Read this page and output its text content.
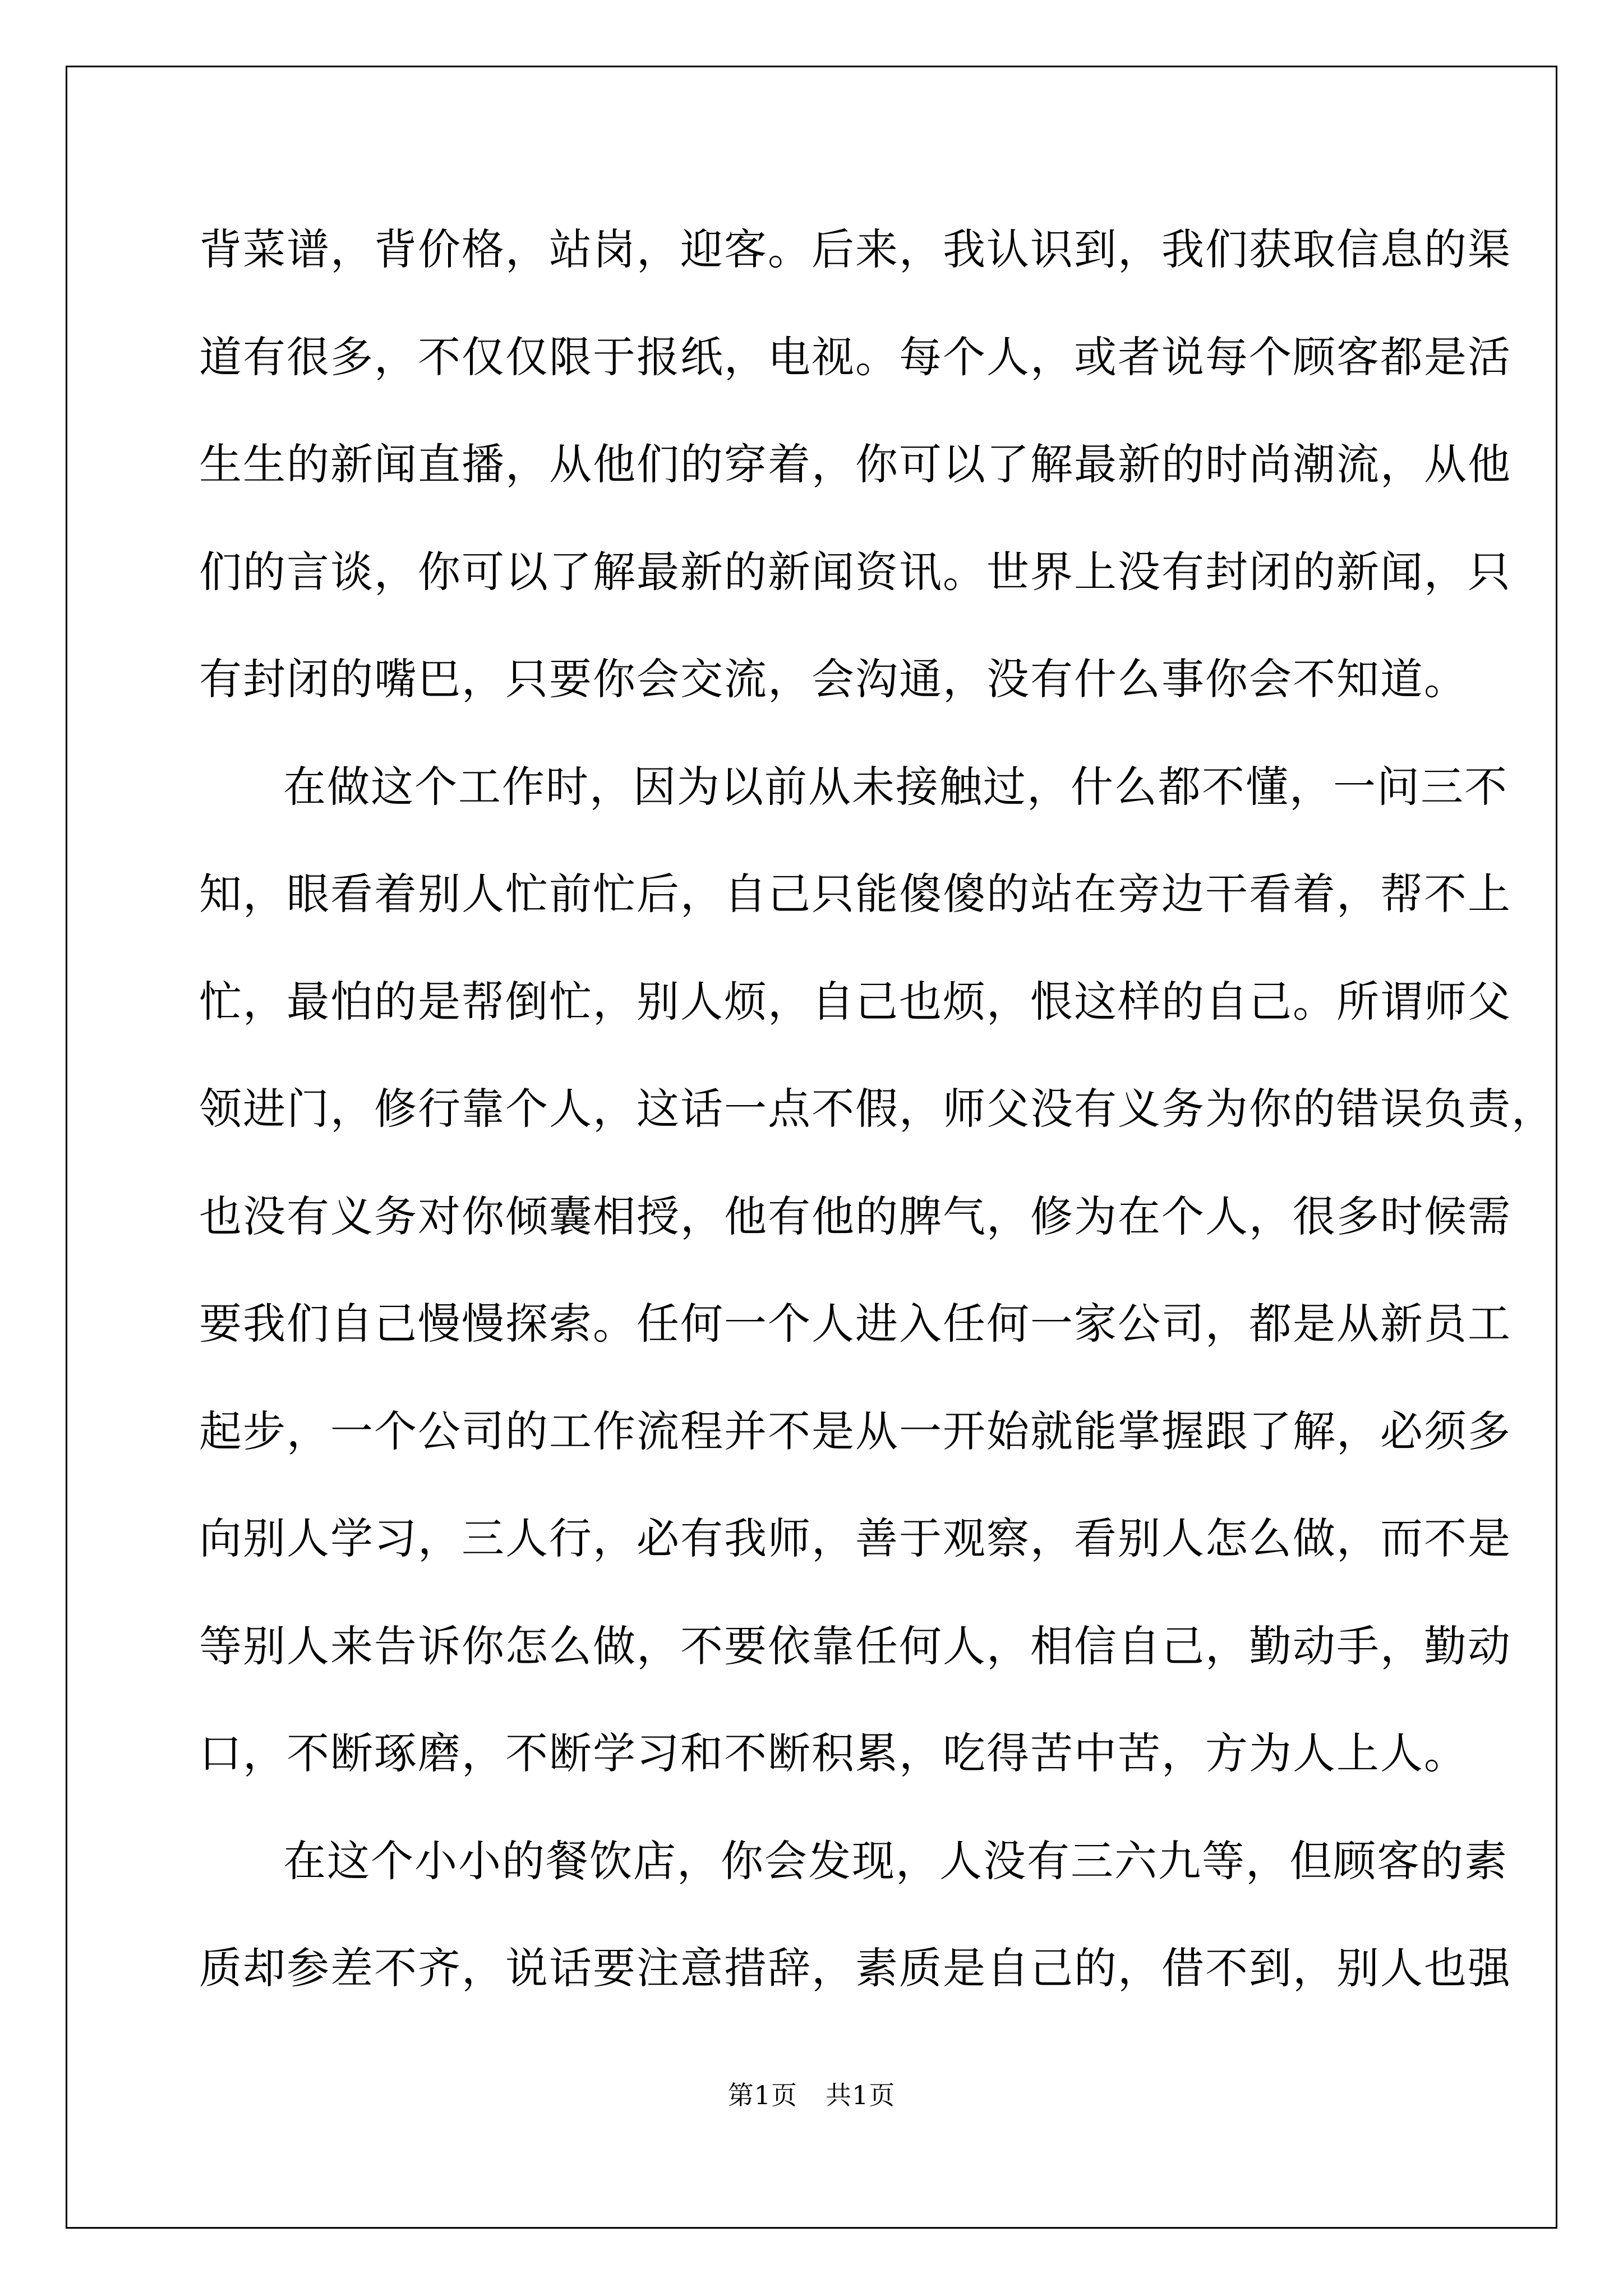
背菜谱，背价格，站岗，迎客。后来，我认识到，我们获取信息的渠
道有很多，不仅仅限于报纸，电视。每个人，或者说每个顾客都是活
生生的新闻直播，从他们的穿着，你可以了解最新的时尚潮流，从他
们的言谈，你可以了解最新的新闻资讯。世界上没有封闭的新闻，只
有封闭的嘴巴，只要你会交流，会沟通，没有什么事你会不知道。
在做这个工作时，因为以前从未接触过，什么都不懂，一问三不
知，眼看着别人忙前忙后，自己只能傻傻的站在旁边干看着，帮不上
忙，最怕的是帮倒忙，别人烦，自己也烦，恨这样的自己。所谓师父
领进门，修行靠个人，这话一点不假，师父没有义务为你的错误负责，
也没有义务对你倾囊相授，他有他的脾气，修为在个人，很多时候需
要我们自己慢慢探索。任何一个人进入任何一家公司，都是从新员工
起步，一个公司的工作流程并不是从一开始就能掌握跟了解，必须多
向别人学习，三人行，必有我师，善于观察，看别人怎么做，而不是
等别人来告诉你怎么做，不要依靠任何人，相信自己，勤动手，勤动
口，不断琢磨，不断学习和不断积累，吃得苦中苦，方为人上人。
在这个小小的餐饮店，你会发现，人没有三六九等，但顾客的素
质却参差不齐，说话要注意措辞，素质是自己的，借不到，别人也强
第1页 共1页
